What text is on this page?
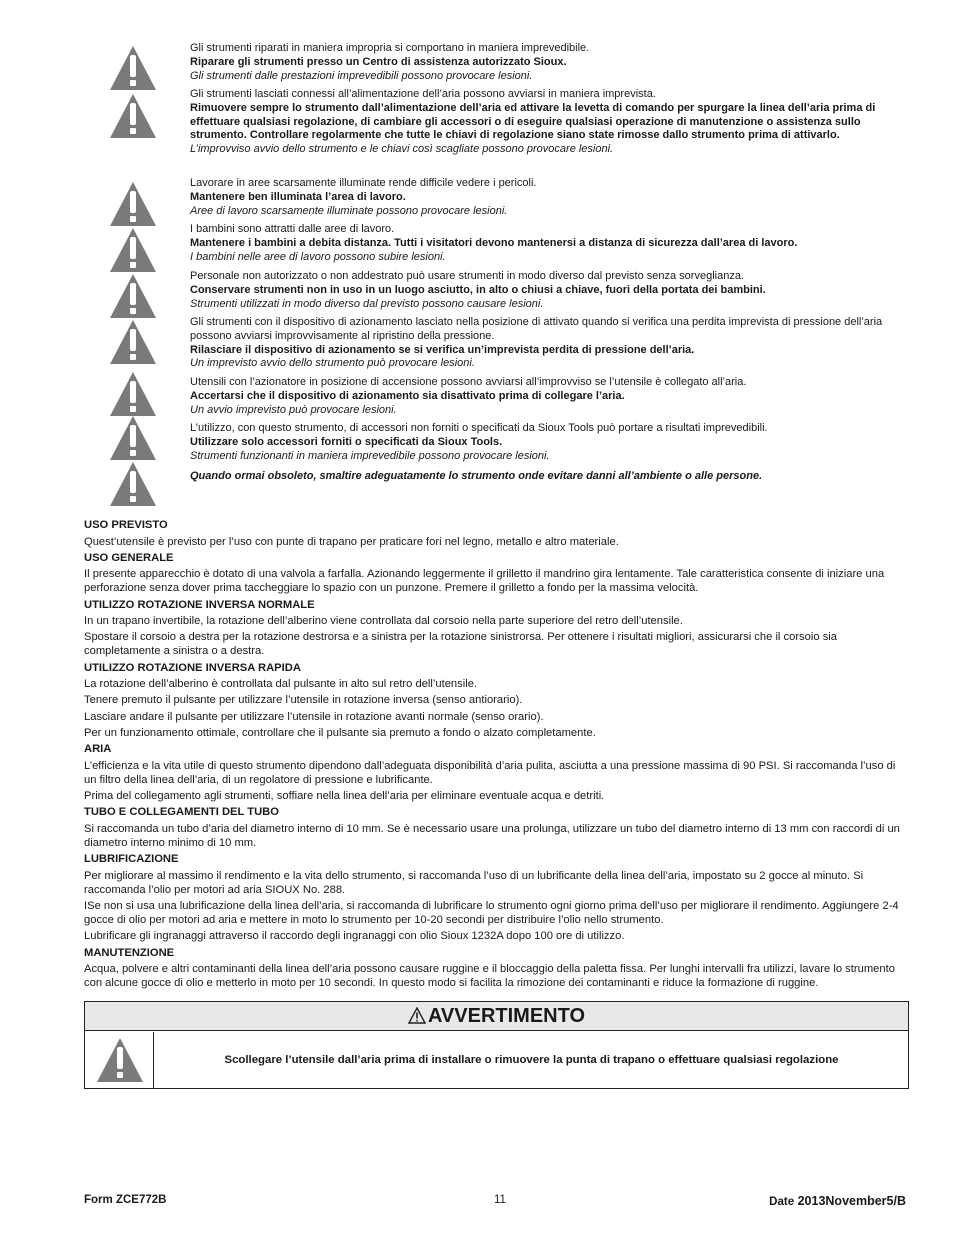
Gli strumenti riparati in maniera impropria si comportano in maniera imprevedibile.

Riparare gli strumenti presso un Centro di assistenza autorizzato Sioux.

Gli strumenti dalle prestazioni imprevedibili possono provocare lesioni.

Gli strumenti lasciati connessi all’alimentazione dell’aria possono avviarsi in maniera imprevista.

Rimuovere sempre lo strumento dall’alimentazione dell’aria ed attivare la levetta di comando per spurgare la linea dell’aria prima di effettuare qualsiasi regolazione, di cambiare gli accessori o di eseguire qualsiasi operazione di manutenzione o assistenza sullo strumento. Controllare regolarmente che tutte le chiavi di regolazione siano state rimosse dallo strumento prima di attivarlo.

L’improvviso avvio dello strumento e le chiavi così scagliate possono provocare lesioni.

Lavorare in aree scarsamente illuminate rende difficile vedere i pericoli.

Mantenere ben illuminata l’area di lavoro.

Aree di lavoro scarsamente illuminate possono provocare lesioni.

I bambini sono attratti dalle aree di lavoro.

Mantenere i bambini a debita distanza. Tutti i visitatori devono mantenersi a distanza di sicurezza dall’area di lavoro.

I bambini nelle aree di lavoro possono subire lesioni.

Personale non autorizzato o non addestrato può usare strumenti in modo diverso dal previsto senza sorveglianza.

Conservare strumenti non in uso in un luogo asciutto, in alto o chiusi a chiave, fuori della portata dei bambini.

Strumenti utilizzati in modo diverso dal previsto possono causare lesioni.

Gli strumenti con il dispositivo di azionamento lasciato nella posizione di attivato quando si verifica una perdita imprevista di pressione dell’aria possono avviarsi improvvisamente al ripristino della pressione.

Rilasciare il dispositivo di azionamento se si verifica un’imprevista perdita di pressione dell’aria.

Un imprevisto avvio dello strumento può provocare lesioni.

Utensili con l’azionatore in posizione di accensione possono avviarsi all’improvviso se l’utensile è collegato all’aria.

Accertarsi che il dispositivo di azionamento sia disattivato prima di collegare l’aria.

Un avvio imprevisto può provocare lesioni.

L’utilizzo, con questo strumento, di accessori non forniti o specificati da Sioux Tools può portare a risultati imprevedibili.

Utilizzare solo accessori forniti o specificati da Sioux Tools.

Strumenti funzionanti in maniera imprevedibile possono provocare lesioni.

Quando ormai obsoleto, smaltire adeguatamente lo strumento onde evitare danni all’ambiente o alle persone.

USO PREVISTO

Quest’utensile è previsto per l’uso con punte di trapano per praticare fori nel legno, metallo e altro materiale.

USO GENERALE

Il presente apparecchio è dotato di una valvola a farfalla. Azionando leggermente il grilletto il mandrino gira lentamente. Tale caratteristica consente di iniziare una perforazione senza dover prima taccheggiare lo spazio con un punzone. Premere il grilletto a fondo per la massima velocità.

UTILIZZO ROTAZIONE INVERSA NORMALE

In un trapano invertibile, la rotazione dell’alberino viene controllata dal corsoio nella parte superiore del retro dell’utensile.

Spostare il corsoio a destra per la rotazione destrorsa e a sinistra per la rotazione sinistrorsa. Per ottenere i risultati migliori, assicurarsi che il corsoio sia completamente a sinistra o a destra.

UTILIZZO ROTAZIONE INVERSA RAPIDA

La rotazione dell’alberino è controllata dal pulsante in alto sul retro dell’utensile.

Tenere premuto il pulsante per utilizzare l’utensile in rotazione inversa (senso antiorario).

Lasciare andare il pulsante per utilizzare l’utensile in rotazione avanti normale (senso orario).

Per un funzionamento ottimale, controllare che il pulsante sia premuto a fondo o alzato completamente.

ARIA

L’efficienza e la vita utile di questo strumento dipendono dall’adeguata disponibilità d’aria pulita, asciutta a una pressione massima di 90 PSI. Si raccomanda l’uso di un filtro della linea dell’aria, di un regolatore di pressione e lubrificante.

Prima del collegamento agli strumenti, soffiare nella linea dell’aria per eliminare eventuale acqua e detriti.

TUBO E COLLEGAMENTI DEL TUBO

Si raccomanda un tubo d’aria del diametro interno di 10 mm. Se è necessario usare una prolunga, utilizzare un tubo del diametro interno di 13 mm con raccordi di un diametro interno minimo di 10 mm.

LUBRIFICAZIONE

Per migliorare al massimo il rendimento e la vita dello strumento, si raccomanda l’uso di un lubrificante della linea dell’aria, impostato su 2 gocce al minuto. Si raccomanda l’olio per motori ad aria SIOUX No. 288.

ISe non si usa una lubrificazione della linea dell’aria, si raccomanda di lubrificare lo strumento ogni giorno prima dell’uso per migliorare il rendimento. Aggiungere 2-4 gocce di olio per motori ad aria e mettere in moto lo strumento per 10-20 secondi per distribuire l’olio nello strumento.

Lubrificare gli ingranaggi attraverso il raccordo degli ingranaggi con olio Sioux 1232A dopo 100 ore di utilizzo.

MANUTENZIONE

Acqua, polvere e altri contaminanti della linea dell’aria possono causare ruggine e il bloccaggio della paletta fissa. Per lunghi intervalli fra utilizzi, lavare lo strumento con alcune gocce di olio e metterlo in moto per 10 secondi. In questo modo si facilita la rimozione dei contaminanti e riduce la formazione di ruggine.

AVVERTIMENTO
Scollegare l’utensile dall’aria prima di installare o rimuovere la punta di trapano o effettuare qualsiasi regolazione
Form ZCE772B	11	Date 2013November5/B
